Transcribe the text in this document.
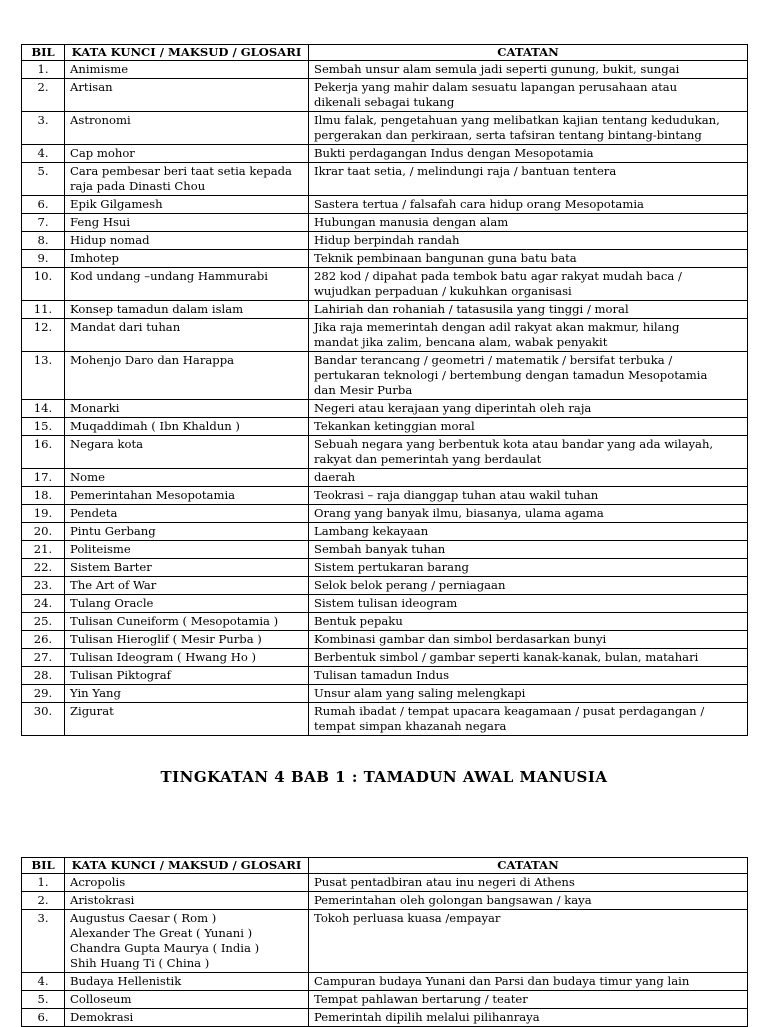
BIL	KATA KUNCI / MAKSUD / GLOSARI	CATATAN
1.	Animisme	Sembah unsur alam semula jadi seperti gunung, bukit, sungai

2.	Artisan	Pekerja yang mahir dalam sesuatu lapangan perusahaan atau
dikenali sebagai tukang

3.	Astronomi	Ilmu falak, pengetahuan yang melibatkan kajian tentang kedudukan,
pergerakan dan perkiraan, serta tafsiran tentang bintang-bintang

4.	Cap mohor	Bukti perdagangan Indus dengan Mesopotamia

5.	Cara pembesar beri taat setia kepada
raja pada Dinasti Chou	Ikrar taat setia, / melindungi raja / bantuan tentera

6.	Epik Gilgamesh	Sastera tertua / falsafah cara hidup orang Mesopotamia

7.	Feng Hsui	Hubungan manusia dengan alam

8.	Hidup nomad	Hidup berpindah randah

9.	Imhotep	Teknik pembinaan bangunan guna batu bata

10.	Kod undang –undang Hammurabi	282 kod / dipahat pada tembok batu agar rakyat mudah baca /
wujudkan perpaduan / kukuhkan organisasi

11.	Konsep tamadun dalam islam	Lahiriah dan rohaniah / tatasusila yang tinggi / moral

12.	Mandat dari tuhan	Jika raja memerintah dengan adil rakyat akan makmur, hilang
mandat jika zalim, bencana alam, wabak penyakit

13.	Mohenjo Daro dan Harappa	Bandar terancang / geometri / matematik / bersifat terbuka /
pertukaran teknologi / bertembung dengan tamadun Mesopotamia
dan Mesir Purba

14.	Monarki	Negeri atau kerajaan yang diperintah oleh raja

15.	Muqaddimah ( Ibn Khaldun )	Tekankan ketinggian moral

16.	Negara kota	Sebuah negara yang berbentuk kota atau bandar yang ada wilayah,
rakyat dan pemerintah yang berdaulat

17.	Nome	daerah

18.	Pemerintahan Mesopotamia	Teokrasi – raja dianggap tuhan atau wakil tuhan

19.	Pendeta	Orang yang banyak ilmu, biasanya, ulama agama

20.	Pintu Gerbang	Lambang kekayaan

21.	Politeisme	Sembah banyak tuhan

22.	Sistem Barter	Sistem pertukaran barang

23.	The Art of War	Selok belok perang / perniagaan

24.	Tulang Oracle	Sistem tulisan ideogram

25.	Tulisan Cuneiform ( Mesopotamia )	Bentuk pepaku

26.	Tulisan Hieroglif ( Mesir Purba )	Kombinasi gambar dan simbol berdasarkan bunyi

27.	Tulisan Ideogram ( Hwang Ho )	Berbentuk simbol / gambar seperti kanak-kanak, bulan, matahari

28.	Tulisan Piktograf	Tulisan tamadun Indus

29.	Yin Yang	Unsur alam yang saling melengkapi

30.	Zigurat	Rumah ibadat / tempat upacara keagamaan / pusat perdagangan /
tempat simpan khazanah negara
TINGKATAN 4 BAB 1 : TAMADUN AWAL MANUSIA
BIL	KATA KUNCI / MAKSUD / GLOSARI	CATATAN
1.	Acropolis	Pusat pentadbiran atau inu negeri di Athens

2.	Aristokrasi	Pemerintahan oleh golongan bangsawan / kaya

3.	Augustus Caesar ( Rom )
Alexander The Great ( Yunani )
Chandra Gupta Maurya ( India )
Shih Huang Ti ( China )	Tokoh perluasa kuasa /empayar

4.	Budaya Hellenistik	Campuran budaya Yunani dan Parsi dan budaya timur yang lain

5.	Colloseum	Tempat pahlawan bertarung / teater

6.	Demokrasi	Pemerintah dipilih melalui pilihanraya
